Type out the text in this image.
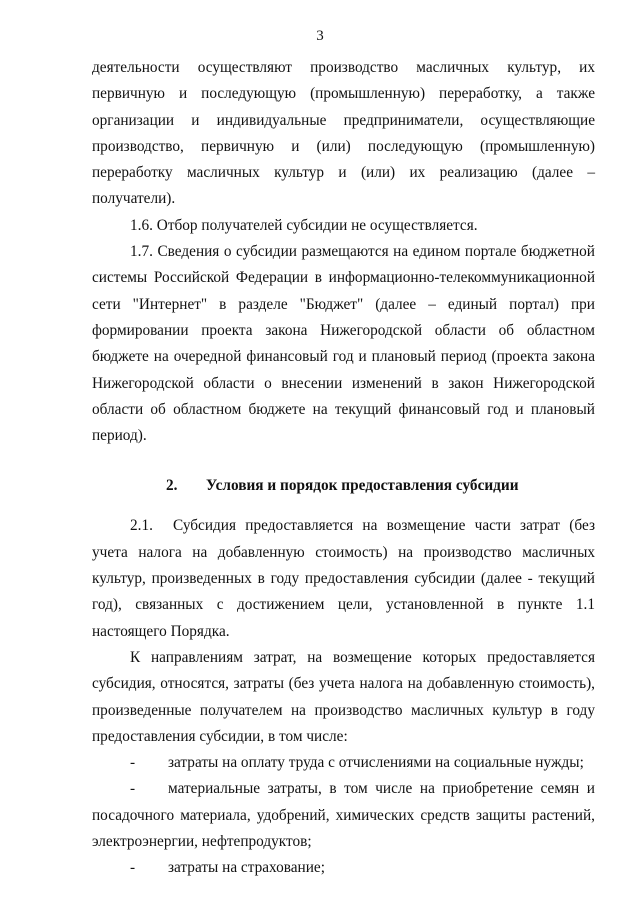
3

деятельности осуществляют производство масличных культур, их первичную и последующую (промышленную) переработку, а также организации и индивидуальные предприниматели, осуществляющие производство, первичную и (или) последующую (промышленную) переработку масличных культур и (или) их реализацию (далее – получатели).

1.6. Отбор получателей субсидии не осуществляется.

1.7. Сведения о субсидии размещаются на едином портале бюджетной системы Российской Федерации в информационно-телекоммуникационной сети "Интернет" в разделе "Бюджет" (далее – единый портал) при формировании проекта закона Нижегородской области об областном бюджете на очередной финансовый год и плановый период (проекта закона Нижегородской области о внесении изменений в закон Нижегородской области об областном бюджете на текущий финансовый год и плановый период).

2. Условия и порядок предоставления субсидии

2.1. Субсидия предоставляется на возмещение части затрат (без учета налога на добавленную стоимость) на производство масличных культур, произведенных в году предоставления субсидии (далее - текущий год), связанных с достижением цели, установленной в пункте 1.1 настоящего Порядка.

К направлениям затрат, на возмещение которых предоставляется субсидия, относятся, затраты (без учета налога на добавленную стоимость), произведенные получателем на производство масличных культур в году предоставления субсидии, в том числе:

- затраты на оплату труда с отчислениями на социальные нужды;

- материальные затраты, в том числе на приобретение семян и посадочного материала, удобрений, химических средств защиты растений, электроэнергии, нефтепродуктов;

- затраты на страхование;
